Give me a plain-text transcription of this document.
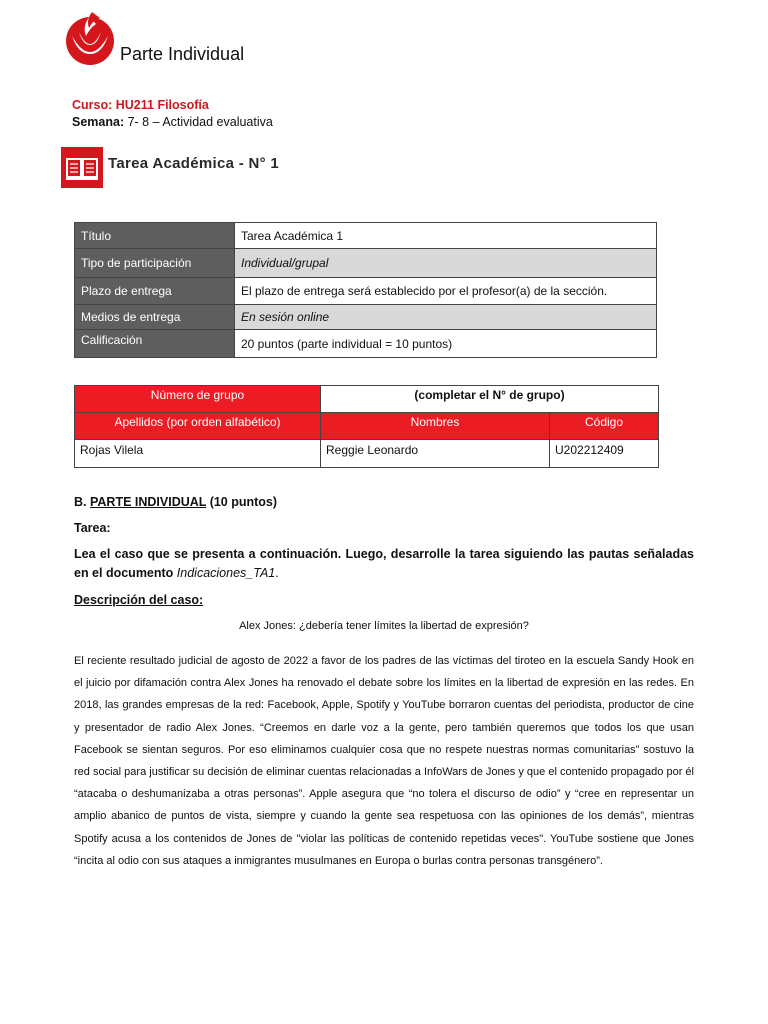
Parte Individual
Curso: HU211 Filosofía
Semana: 7- 8 – Actividad evaluativa
Tarea Académica - N° 1
Título	Tarea Académica 1
Tipo de participación	Individual/grupal
Plazo de entrega	El plazo de entrega será establecido por el profesor(a) de la sección.
Medios de entrega	En sesión online
Calificación	20 puntos (parte individual = 10 puntos)
Número de grupo	(completar el N° de grupo)	
Apellidos (por orden alfabético)	Nombres	Código
Rojas Vilela	Reggie Leonardo	U202212409
B. PARTE INDIVIDUAL (10 puntos)
Tarea:
Lea el caso que se presenta a continuación. Luego, desarrolle la tarea siguiendo las pautas señaladas en el documento Indicaciones_TA1.
Descripción del caso:
Alex Jones: ¿debería tener límites la libertad de expresión?
El reciente resultado judicial de agosto de 2022 a favor de los padres de las víctimas del tiroteo en la escuela Sandy Hook en el juicio por difamación contra Alex Jones ha renovado el debate sobre los límites en la libertad de expresión en las redes. En 2018, las grandes empresas de la red: Facebook, Apple, Spotify y YouTube borraron cuentas del periodista, productor de cine y presentador de radio Alex Jones. “Creemos en darle voz a la gente, pero también queremos que todos los que usan Facebook se sientan seguros. Por eso eliminamos cualquier cosa que no respete nuestras normas comunitarias” sostuvo la red social para justificar su decisión de eliminar cuentas relacionadas a InfoWars de Jones y que el contenido propagado por él “atacaba o deshumanizaba a otras personas”. Apple asegura que “no tolera el discurso de odio” y “cree en representar un amplio abanico de puntos de vista, siempre y cuando la gente sea respetuosa con las opiniones de los demás”, mientras Spotify acusa a los contenidos de Jones de "violar las políticas de contenido repetidas veces". YouTube sostiene que Jones “incita al odio con sus ataques a inmigrantes musulmanes en Europa o burlas contra personas transgénero”.
